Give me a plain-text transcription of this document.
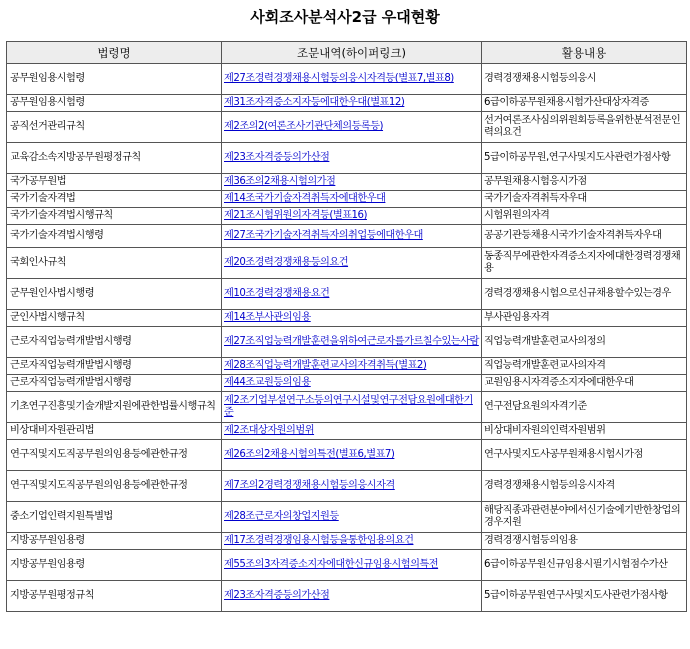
사회조사분석사2급 우대현황
법령명	조문내역(하이퍼링크)	활용내용
공무원임용시험령	제27조경력경쟁채용시험등의응시자격등(별표7,별표8)	경력경쟁채용시험등의응시
공무원임용시험령	제31조자격증소지자등에대한우대(별표12)	6급이하공무원채용시험가산대상자격증
공직선거관리규칙	제2조의2(여론조사기관단체의등록등)	선거여론조사심의위원회등록을위한분석전문인력의요건
교육감소속지방공무원평정규칙	제23조자격증등의가산점	5급이하공무원,연구사및지도사관련가점사항
국가공무원법	제36조의2채용시험의가점	공무원채용시험응시가점
국가기술자격법	제14조국가기술자격취득자에대한우대	국가기술자격취득자우대
국가기술자격법시행규칙	제21조시험위원의자격등(별표16)	시험위원의자격
국가기술자격법시행령	제27조국가기술자격취득자의취업등에대한우대	공공기관등채용시국가기술자격취득자우대
국회인사규칙	제20조경력경쟁채용등의요건	동종직무에관한자격증소지자에대한경력경쟁채용
군무원인사법시행령	제10조경력경쟁채용요건	경력경쟁채용시험으로신규채용할수있는경우
군인사법시행규칙	제14조부사관의임용	부사관임용자격
근로자직업능력개발법시행령	제27조직업능력개발훈련을위하여근로자를가르칠수있는사람	직업능력개발훈련교사의정의
근로자직업능력개발법시행령	제28조직업능력개발훈련교사의자격취득(별표2)	직업능력개발훈련교사의자격
근로자직업능력개발법시행령	제44조교원등의임용	교원임용시자격증소지자에대한우대
기초연구진흥및기술개발지원에관한법률시행규칙	제2조기업부설연구소등의연구시설및연구전담요원에대한기준	연구전담요원의자격기준
비상대비자원관리법	제2조대상자원의범위	비상대비자원의인력자원범위
연구직및지도직공무원의임용등에관한규정	제26조의2채용시험의특전(별표6,별표7)	연구사및지도사공무원채용시험시가점
연구직및지도직공무원의임용등에관한규정	제7조의2경력경쟁채용시험등의응시자격	경력경쟁채용시험등의응시자격
중소기업인력지원특별법	제28조근로자의창업지원등	해당직종과관련분야에서신기술에기반한창업의경우지원
지방공무원임용령	제17조경력경쟁임용시험등을통한임용의요건	경력경쟁시험등의임용
지방공무원임용령	제55조의3자격증소지자에대한신규임용시험의특전	6급이하공무원신규임용시필기시험점수가산
지방공무원평정규칙	제23조자격증등의가산점	5급이하공무원연구사및지도사관련가점사항
